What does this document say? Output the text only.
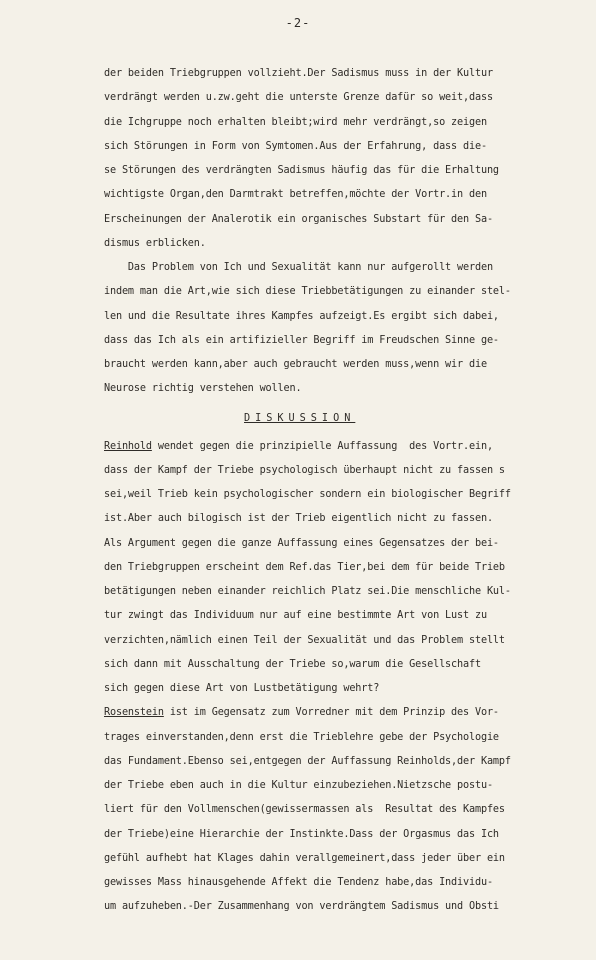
-2-
der beiden Triebgruppen vollzieht.Der Sadismus muss in der Kultur
verdrängt werden u.zw.geht die unterste Grenze dafür so weit,dass
die Ichgruppe noch erhalten bleibt;wird mehr verdrängt,so zeigen
sich Störungen in Form von Symtomen.Aus der Erfahrung, dass die-
se Störungen des verdrängten Sadismus häufig das für die Erhaltung
wichtigste Organ,den Darmtrakt betreffen,möchte der Vortr.in den
Erscheinungen der Analerotik ein organisches Substart für den Sa-
dismus erblicken.
Das Problem von Ich und Sexualität kann nur aufgerollt werden
indem man die Art,wie sich diese Triebbetätigungen zu einander stel-
len und die Resultate ihres Kampfes aufzeigt.Es ergibt sich dabei,
dass das Ich als ein artifizieller Begriff im Freudschen Sinne ge-
braucht werden kann,aber auch gebraucht werden muss,wenn wir die
Neurose richtig verstehen wollen.
DISKUSSION
Reinhold wendet gegen die prinzipielle Auffassung  des Vortr.ein,
dass der Kampf der Triebe psychologisch überhaupt nicht zu fassen s
sei,weil Trieb kein psychologischer sondern ein biologischer Begriff
ist.Aber auch bilogisch ist der Trieb eigentlich nicht zu fassen.
Als Argument gegen die ganze Auffassung eines Gegensatzes der bei-
den Triebgruppen erscheint dem Ref.das Tier,bei dem für beide Trieb
betätigungen neben einander reichlich Platz sei.Die menschliche Kul-
tur zwingt das Individuum nur auf eine bestimmte Art von Lust zu
verzichten,nämlich einen Teil der Sexualität und das Problem stellt
sich dann mit Ausschaltung der Triebe so,warum die Gesellschaft
sich gegen diese Art von Lustbetätigung wehrt?
Rosenstein ist im Gegensatz zum Vorredner mit dem Prinzip des Vor-
trages einverstanden,denn erst die Trieblehre gebe der Psychologie
das Fundament.Ebenso sei,entgegen der Auffassung Reinholds,der Kampf
der Triebe eben auch in die Kultur einzubeziehen.Nietzsche postu-
liert für den Vollmenschen(gewissermassen als  Resultat des Kampfes
der Triebe)eine Hierarchie der Instinkte.Dass der Orgasmus das Ich
gefühl aufhebt hat Klages dahin verallgemeinert,dass jeder über ein
gewisses Mass hinausgehende Affekt die Tendenz habe,das Individu-
um aufzuheben.-Der Zusammenhang von verdrängtem Sadismus und Obsti
